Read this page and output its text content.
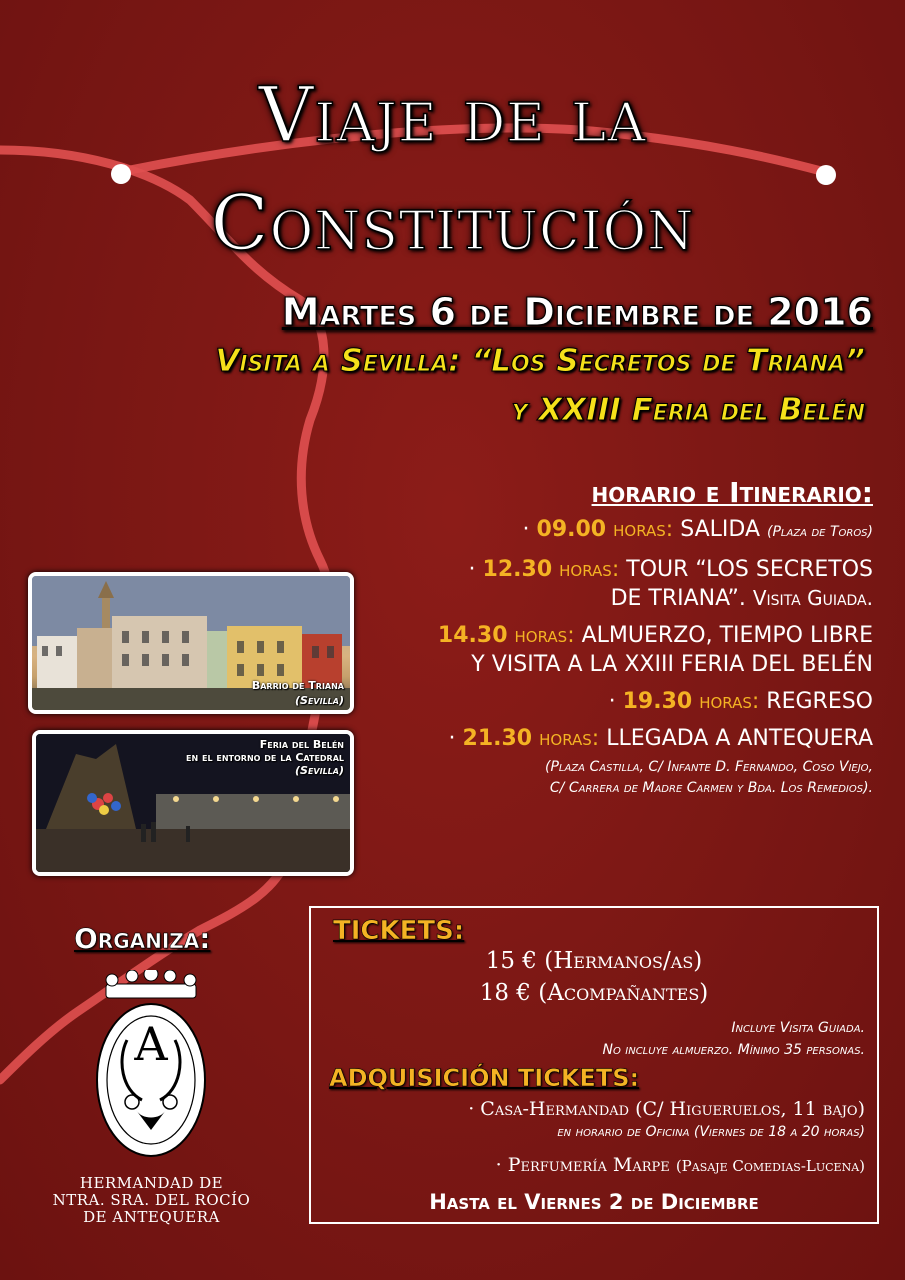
Viaje de la
Constitución
Martes 6 de Diciembre de 2016
Visita a Sevilla: “Los Secretos de Triana”
y XXIII Feria del Belén
horario e Itinerario:
· 09.00 horas: SALIDA (Plaza de Toros)
· 12.30 horas: TOUR “LOS SECRETOS
DE TRIANA”. Visita Guiada.
14.30 horas: ALMUERZO, TIEMPO LIBRE
Y VISITA A LA XXIII FERIA DEL BELÉN
· 19.30 horas: REGRESO
· 21.30 horas: LLEGADA A ANTEQUERA
(Plaza Castilla, C/ Infante D. Fernando, Coso Viejo,
C/ Carrera de Madre Carmen y Bda. Los Remedios).
Barrio de Triana
(Sevilla)
Feria del Belén
en el entorno de la Catedral
(Sevilla)
Organiza:
A
HERMANDAD DE
NTRA. SRA. DEL ROCÍO
DE ANTEQUERA
TICKETS:
15 € (Hermanos/as)
18 € (Acompañantes)
Incluye Visita Guiada.
No incluye almuerzo. Mínimo 35 personas.
ADQUISICIÓN TICKETS:
· Casa-Hermandad (C/ Higueruelos, 11 bajo)
en horario de Oficina (Viernes de 18 a 20 horas)
· Perfumería Marpe (Pasaje Comedias-Lucena)
Hasta el Viernes 2 de Diciembre
